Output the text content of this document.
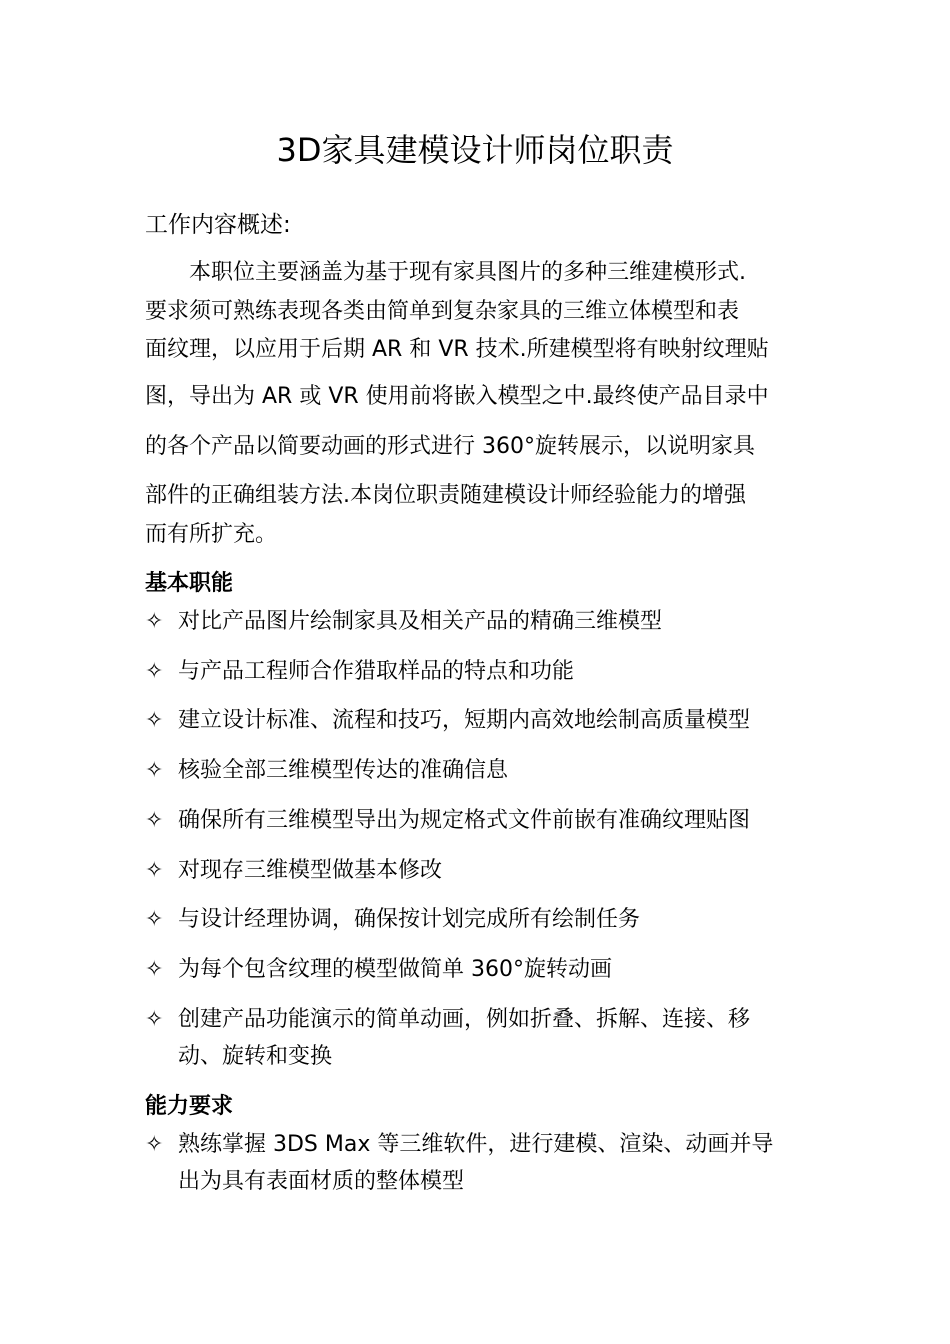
3D家具建模设计师岗位职责
工作内容概述:
　　本职位主要涵盖为基于现有家具图片的多种三维建模形式.
要求须可熟练表现各类由简单到复杂家具的三维立体模型和表
面纹理，以应用于后期 AR 和 VR 技术.所建模型将有映射纹理贴
图，导出为 AR 或 VR 使用前将嵌入模型之中.最终使产品目录中
的各个产品以简要动画的形式进行 360°旋转展示，以说明家具
部件的正确组装方法.本岗位职责随建模设计师经验能力的增强
而有所扩充。
基本职能
✧ 对比产品图片绘制家具及相关产品的精确三维模型
✧ 与产品工程师合作猎取样品的特点和功能
✧ 建立设计标准、流程和技巧，短期内高效地绘制高质量模型
✧ 核验全部三维模型传达的准确信息
✧ 确保所有三维模型导出为规定格式文件前嵌有准确纹理贴图
✧ 对现存三维模型做基本修改
✧ 与设计经理协调，确保按计划完成所有绘制任务
✧ 为每个包含纹理的模型做简单 360°旋转动画
✧ 创建产品功能演示的简单动画，例如折叠、拆解、连接、移
动、旋转和变换
能力要求
✧ 熟练掌握 3DS Max 等三维软件，进行建模、渲染、动画并导
出为具有表面材质的整体模型
